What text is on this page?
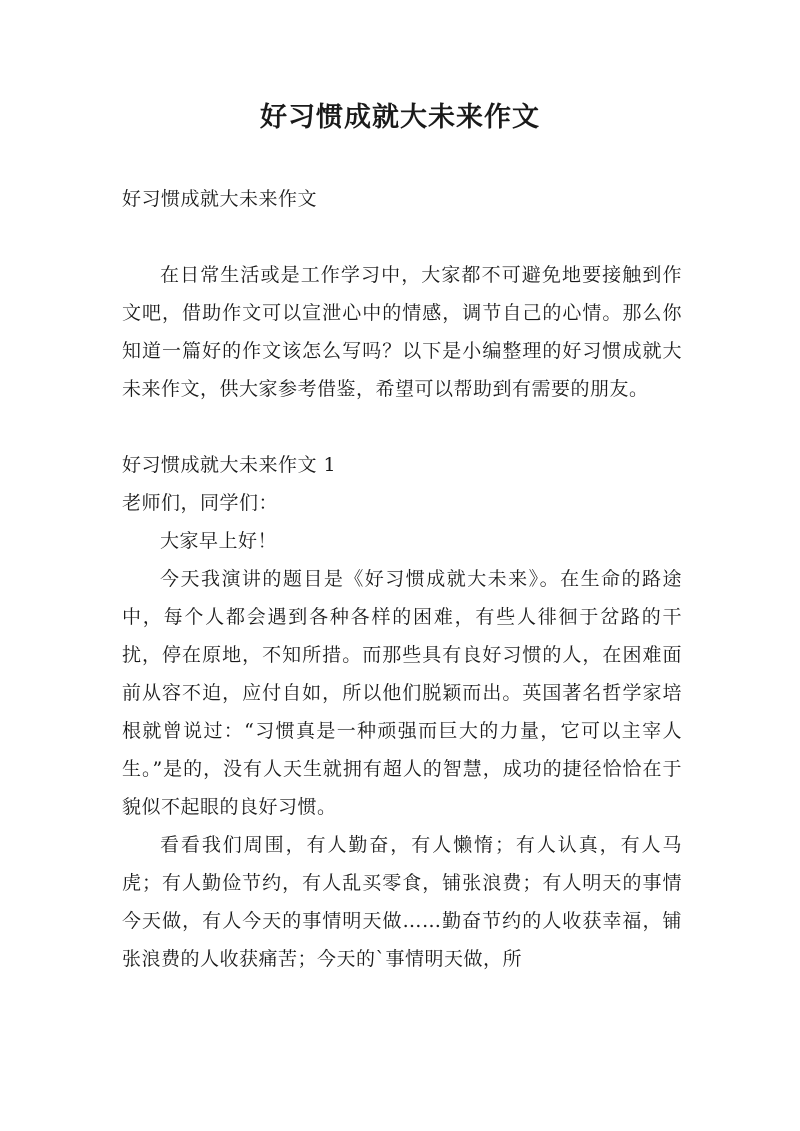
好习惯成就大未来作文

好习惯成就大未来作文

在日常生活或是工作学习中，大家都不可避免地要接触到作文吧，借助作文可以宣泄心中的情感，调节自己的心情。那么你知道一篇好的作文该怎么写吗？以下是小编整理的好习惯成就大未来作文，供大家参考借鉴，希望可以帮助到有需要的朋友。

好习惯成就大未来作文 1

老师们，同学们：

大家早上好！

今天我演讲的题目是《好习惯成就大未来》。在生命的路途中，每个人都会遇到各种各样的困难，有些人徘徊于岔路的干扰，停在原地，不知所措。而那些具有良好习惯的人，在困难面前从容不迫，应付自如，所以他们脱颖而出。英国著名哲学家培根就曾说过：“习惯真是一种顽强而巨大的力量，它可以主宰人生。”是的，没有人天生就拥有超人的智慧，成功的捷径恰恰在于貌似不起眼的良好习惯。

看看我们周围，有人勤奋，有人懒惰；有人认真，有人马虎；有人勤俭节约，有人乱买零食，铺张浪费；有人明天的事情今天做，有人今天的事情明天做……勤奋节约的人收获幸福，铺张浪费的人收获痛苦；今天的`事情明天做，所
